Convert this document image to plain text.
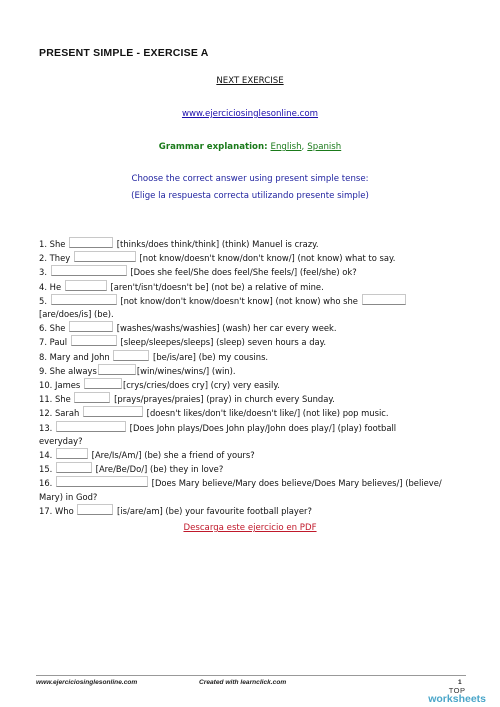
PRESENT SIMPLE - EXERCISE A
NEXT EXERCISE
www.ejerciciosinglesonline.com
Grammar explanation: English, Spanish
Choose the correct answer using present simple tense:
(Elige la respuesta correcta utilizando presente simple)
1. She	[thinks/does think/think] (think) Manuel is crazy.
2. They	[not know/doesn't know/don't know/] (not know) what to say.
3.	[Does she feel/She does feel/She feels/] (feel/she) ok?
4. He	[aren't/isn't/doesn't be] (not be) a relative of mine.
5.	[not know/don't know/doesn't know] (not know) who she
[are/does/is] (be).
6. She	[washes/washs/washies] (wash) her car every week.
7. Paul	[sleep/sleepes/sleeps] (sleep) seven hours a day.
8. Mary and John	[be/is/are] (be) my cousins.
9. She always	[win/wines/wins/] (win).
10. James	[crys/cries/does cry] (cry) very easily.
11. She	[prays/prayes/praies] (pray) in church every Sunday.
12. Sarah	[doesn't likes/don't like/doesn't like/] (not like) pop music.
13.	[Does John plays/Does John play/John does play/] (play) football
everyday?
14.	[Are/Is/Am/] (be) she a friend of yours?
15.	[Are/Be/Do/] (be) they in love?
16.	[Does Mary believe/Mary does believe/Does Mary believes/] (believe/
Mary) in God?
17. Who	[is/are/am] (be) your favourite football player?
Descarga este ejercicio en PDF
www.ejerciciosinglesonline.com	Created with learnclick.com	1
TOP
worksheets
